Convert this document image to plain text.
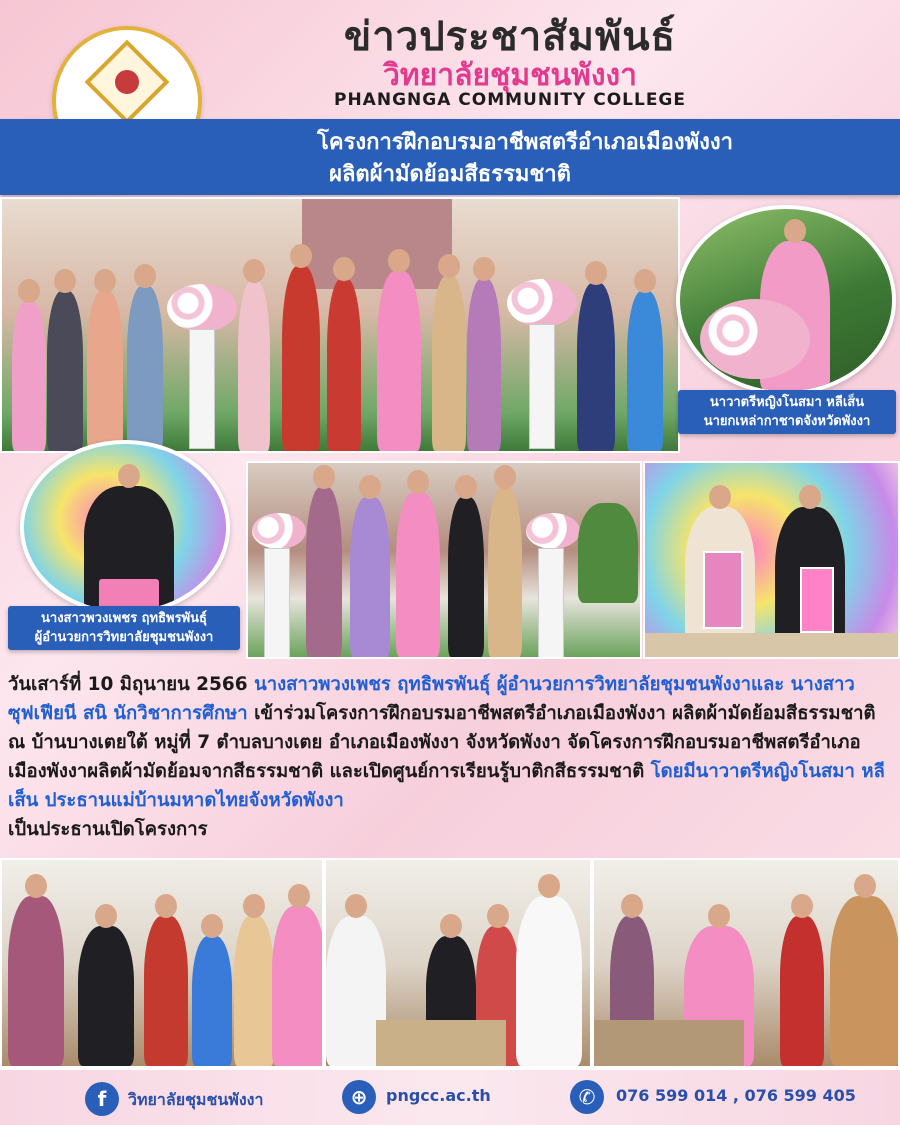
ข่าวประชาสัมพันธ์
วิทยาลัยชุมชนพังงา
PHANGNGA COMMUNITY COLLEGE
โครงการฝึกอบรมอาชีพสตรีอำเภอเมืองพังงา
ผลิตผ้ามัดย้อมสีธรรมชาติ
นาวาตรีหญิงโนสมา หลีเส็น
นายกเหล่ากาชาดจังหวัดพังงา
นางสาวพวงเพชร ฤทธิพรพันธุ์
ผู้อำนวยการวิทยาลัยชุมชนพังงา
วันเสาร์ที่ 10 มิถุนายน 2566 นางสาวพวงเพชร ฤทธิพรพันธุ์ ผู้อำนวยการวิทยาลัยชุมชนพังงาและ นางสาวซุฟเฟียนี สนิ นักวิชาการศึกษา เข้าร่วมโครงการฝึกอบรมอาชีพสตรีอำเภอเมืองพังงา ผลิตผ้ามัดย้อมสีธรรมชาติ ณ บ้านบางเตยใต้ หมู่ที่ 7 ตำบลบางเตย อำเภอเมืองพังงา จังหวัดพังงา จัดโครงการฝึกอบรมอาชีพสตรีอำเภอเมืองพังงาผลิตผ้ามัดย้อมจากสีธรรมชาติ และเปิดศูนย์การเรียนรู้บาติกสีธรรมชาติ โดยมีนาวาตรีหญิงโนสมา หลีเส็น ประธานแม่บ้านมหาดไทยจังหวัดพังงา
เป็นประธานเปิดโครงการ
f	วิทยาลัยชุมชนพังงา	⊕	pngcc.ac.th	✆	076 599 014 , 076 599 405
